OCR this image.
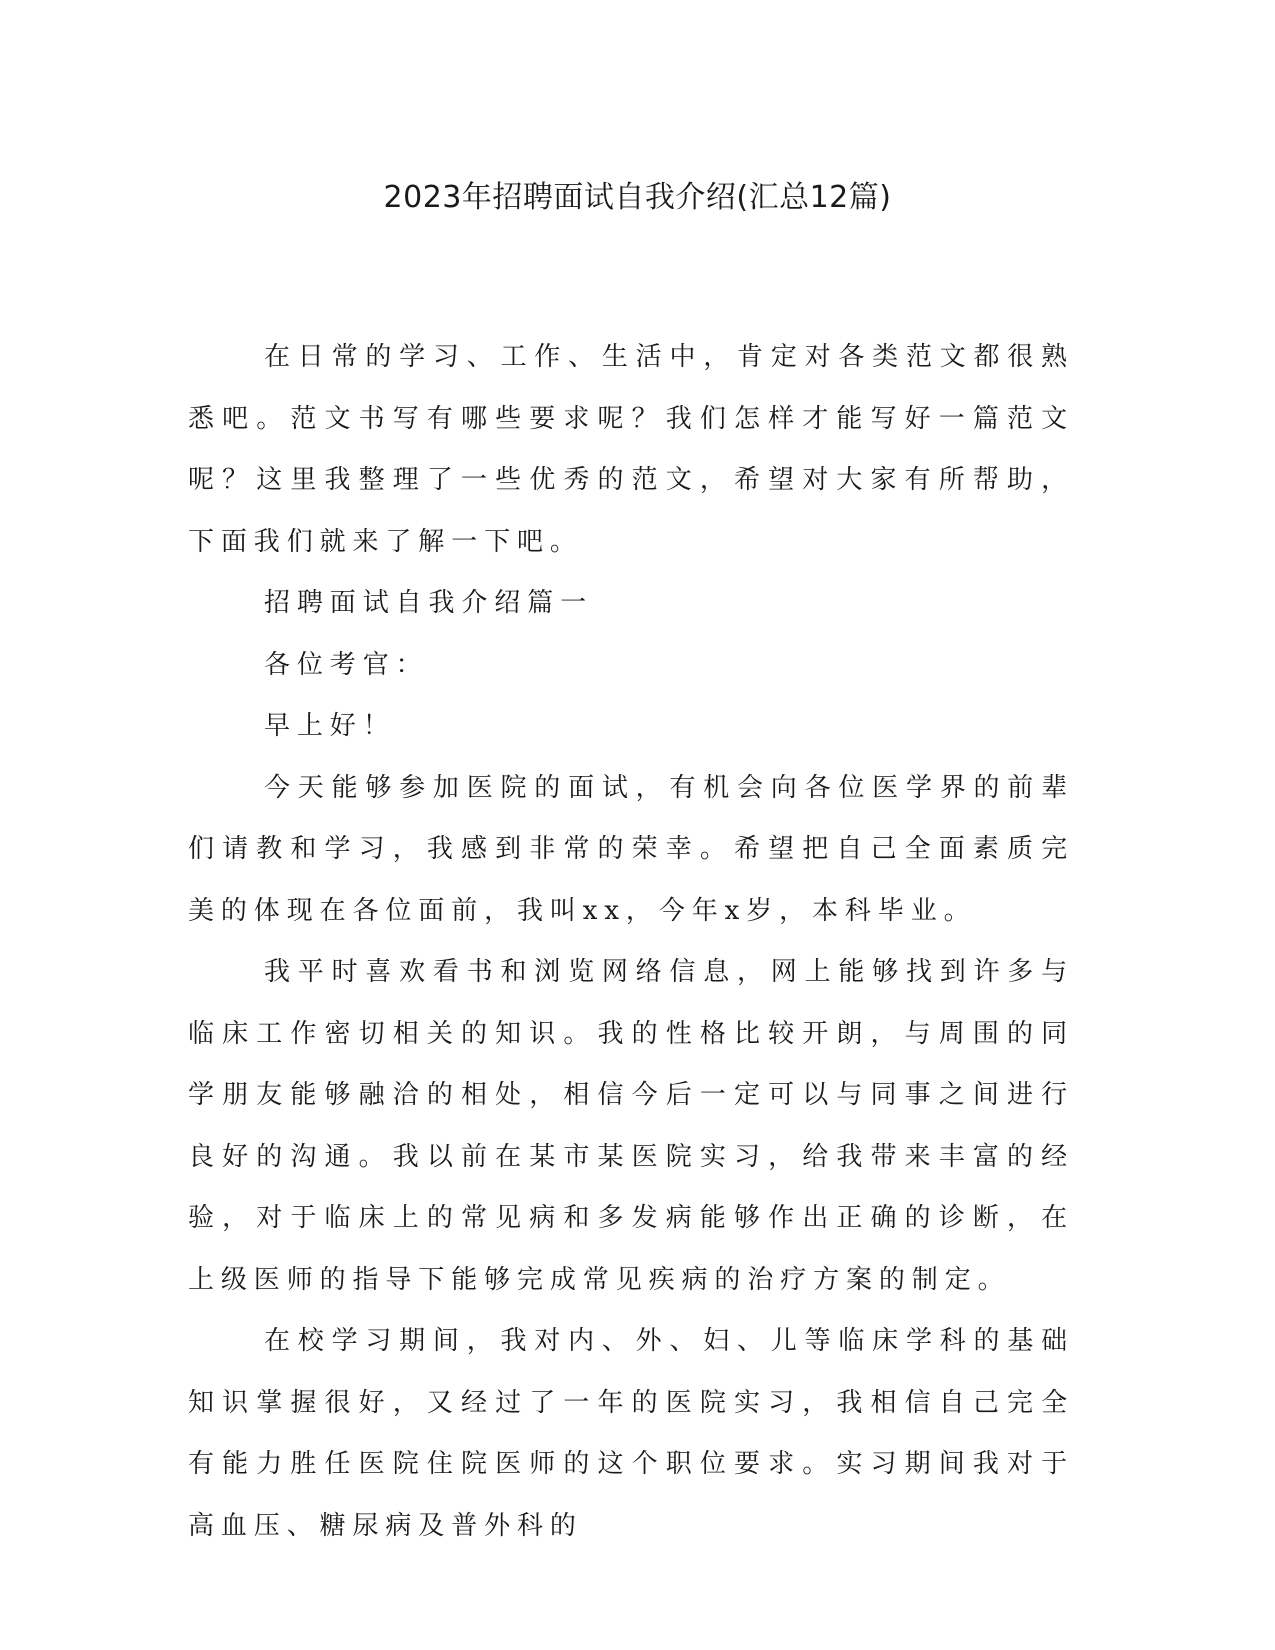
2023年招聘面试自我介绍(汇总12篇)

在日常的学习、工作、生活中，肯定对各类范文都很熟悉吧。范文书写有哪些要求呢？我们怎样才能写好一篇范文呢？这里我整理了一些优秀的范文，希望对大家有所帮助，下面我们就来了解一下吧。

招聘面试自我介绍篇一

各位考官：

早上好！

今天能够参加医院的面试，有机会向各位医学界的前辈们请教和学习，我感到非常的荣幸。希望把自己全面素质完美的体现在各位面前，我叫xx，今年x岁，本科毕业。

我平时喜欢看书和浏览网络信息，网上能够找到许多与临床工作密切相关的知识。我的性格比较开朗，与周围的同学朋友能够融洽的相处，相信今后一定可以与同事之间进行良好的沟通。我以前在某市某医院实习，给我带来丰富的经验，对于临床上的常见病和多发病能够作出正确的诊断，在上级医师的指导下能够完成常见疾病的治疗方案的制定。

在校学习期间，我对内、外、妇、儿等临床学科的基础知识掌握很好，又经过了一年的医院实习，我相信自己完全有能力胜任医院住院医师的这个职位要求。实习期间我对于高血压、糖尿病及普外科的
